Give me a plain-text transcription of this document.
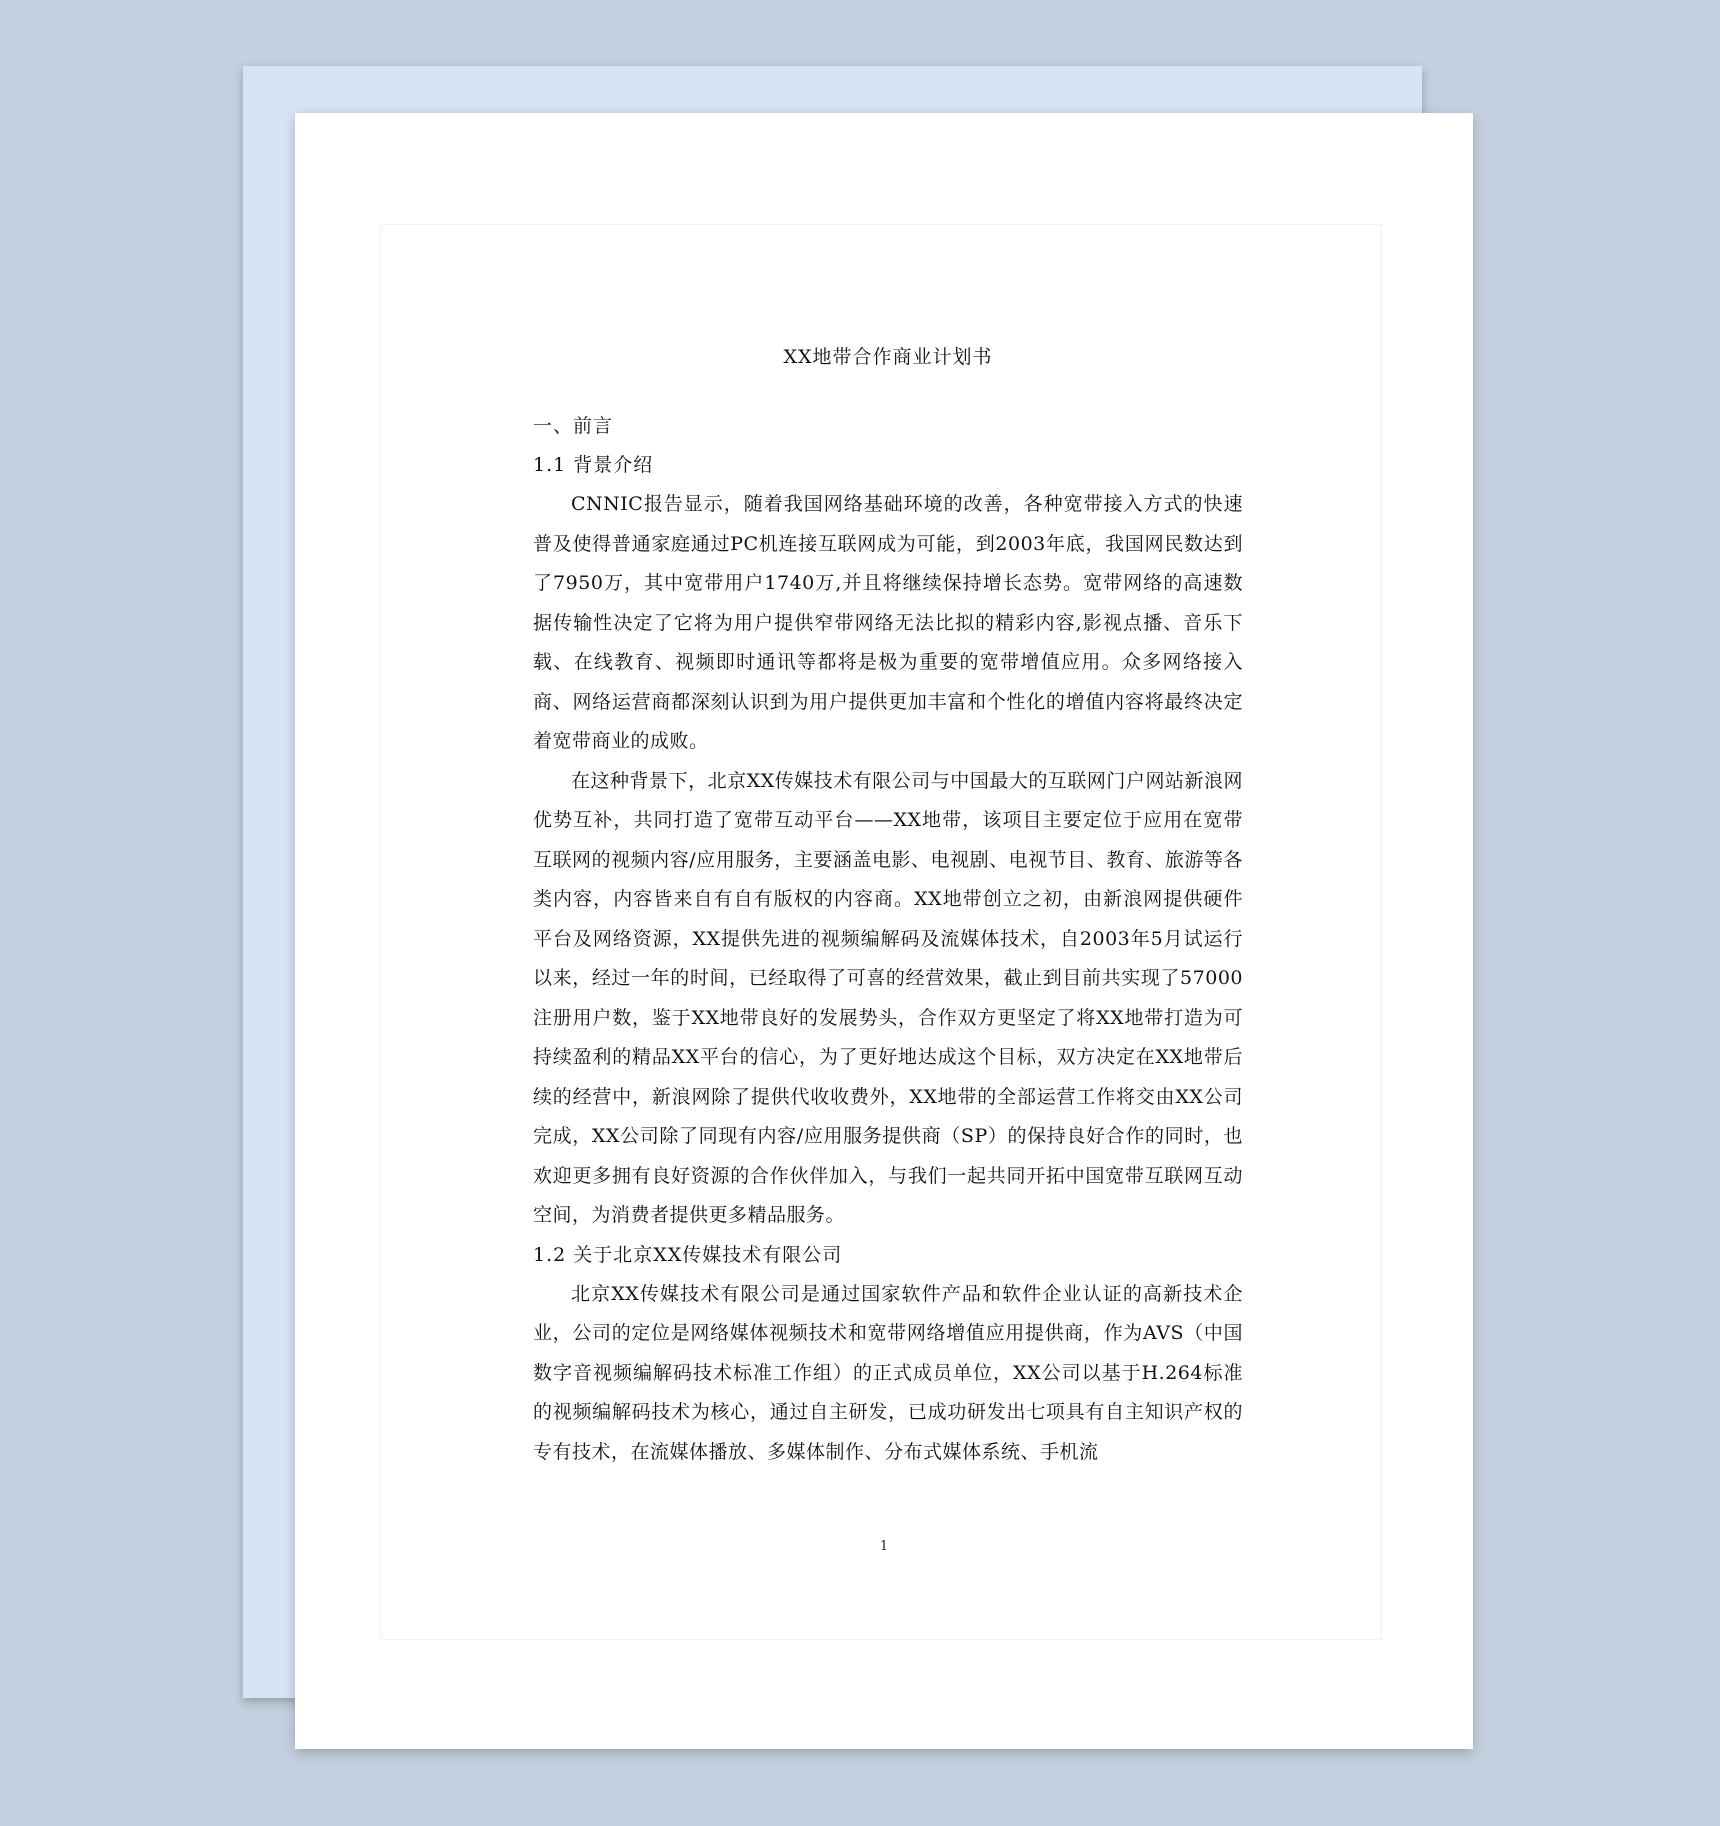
XX地带合作商业计划书
一、前言
1.1 背景介绍

CNNIC报告显示，随着我国网络基础环境的改善，各种宽带接入方式的快速普及使得普通家庭通过PC机连接互联网成为可能，到2003年底，我国网民数达到了7950万，其中宽带用户1740万,并且将继续保持增长态势。宽带网络的高速数据传输性决定了它将为用户提供窄带网络无法比拟的精彩内容,影视点播、音乐下载、在线教育、视频即时通讯等都将是极为重要的宽带增值应用。众多网络接入商、网络运营商都深刻认识到为用户提供更加丰富和个性化的增值内容将最终决定着宽带商业的成败。

在这种背景下，北京XX传媒技术有限公司与中国最大的互联网门户网站新浪网优势互补，共同打造了宽带互动平台——XX地带，该项目主要定位于应用在宽带互联网的视频内容/应用服务，主要涵盖电影、电视剧、电视节目、教育、旅游等各类内容，内容皆来自有自有版权的内容商。XX地带创立之初，由新浪网提供硬件平台及网络资源，XX提供先进的视频编解码及流媒体技术，自2003年5月试运行以来，经过一年的时间，已经取得了可喜的经营效果，截止到目前共实现了57000注册用户数，鉴于XX地带良好的发展势头，合作双方更坚定了将XX地带打造为可持续盈利的精品XX平台的信心，为了更好地达成这个目标，双方决定在XX地带后续的经营中，新浪网除了提供代收收费外，XX地带的全部运营工作将交由XX公司完成，XX公司除了同现有内容/应用服务提供商（SP）的保持良好合作的同时，也欢迎更多拥有良好资源的合作伙伴加入，与我们一起共同开拓中国宽带互联网互动空间，为消费者提供更多精品服务。

1.2 关于北京XX传媒技术有限公司

北京XX传媒技术有限公司是通过国家软件产品和软件企业认证的高新技术企业，公司的定位是网络媒体视频技术和宽带网络增值应用提供商，作为AVS（中国数字音视频编解码技术标准工作组）的正式成员单位，XX公司以基于H.264标准的视频编解码技术为核心，通过自主研发，已成功研发出七项具有自主知识产权的专有技术，在流媒体播放、多媒体制作、分布式媒体系统、手机流

1
